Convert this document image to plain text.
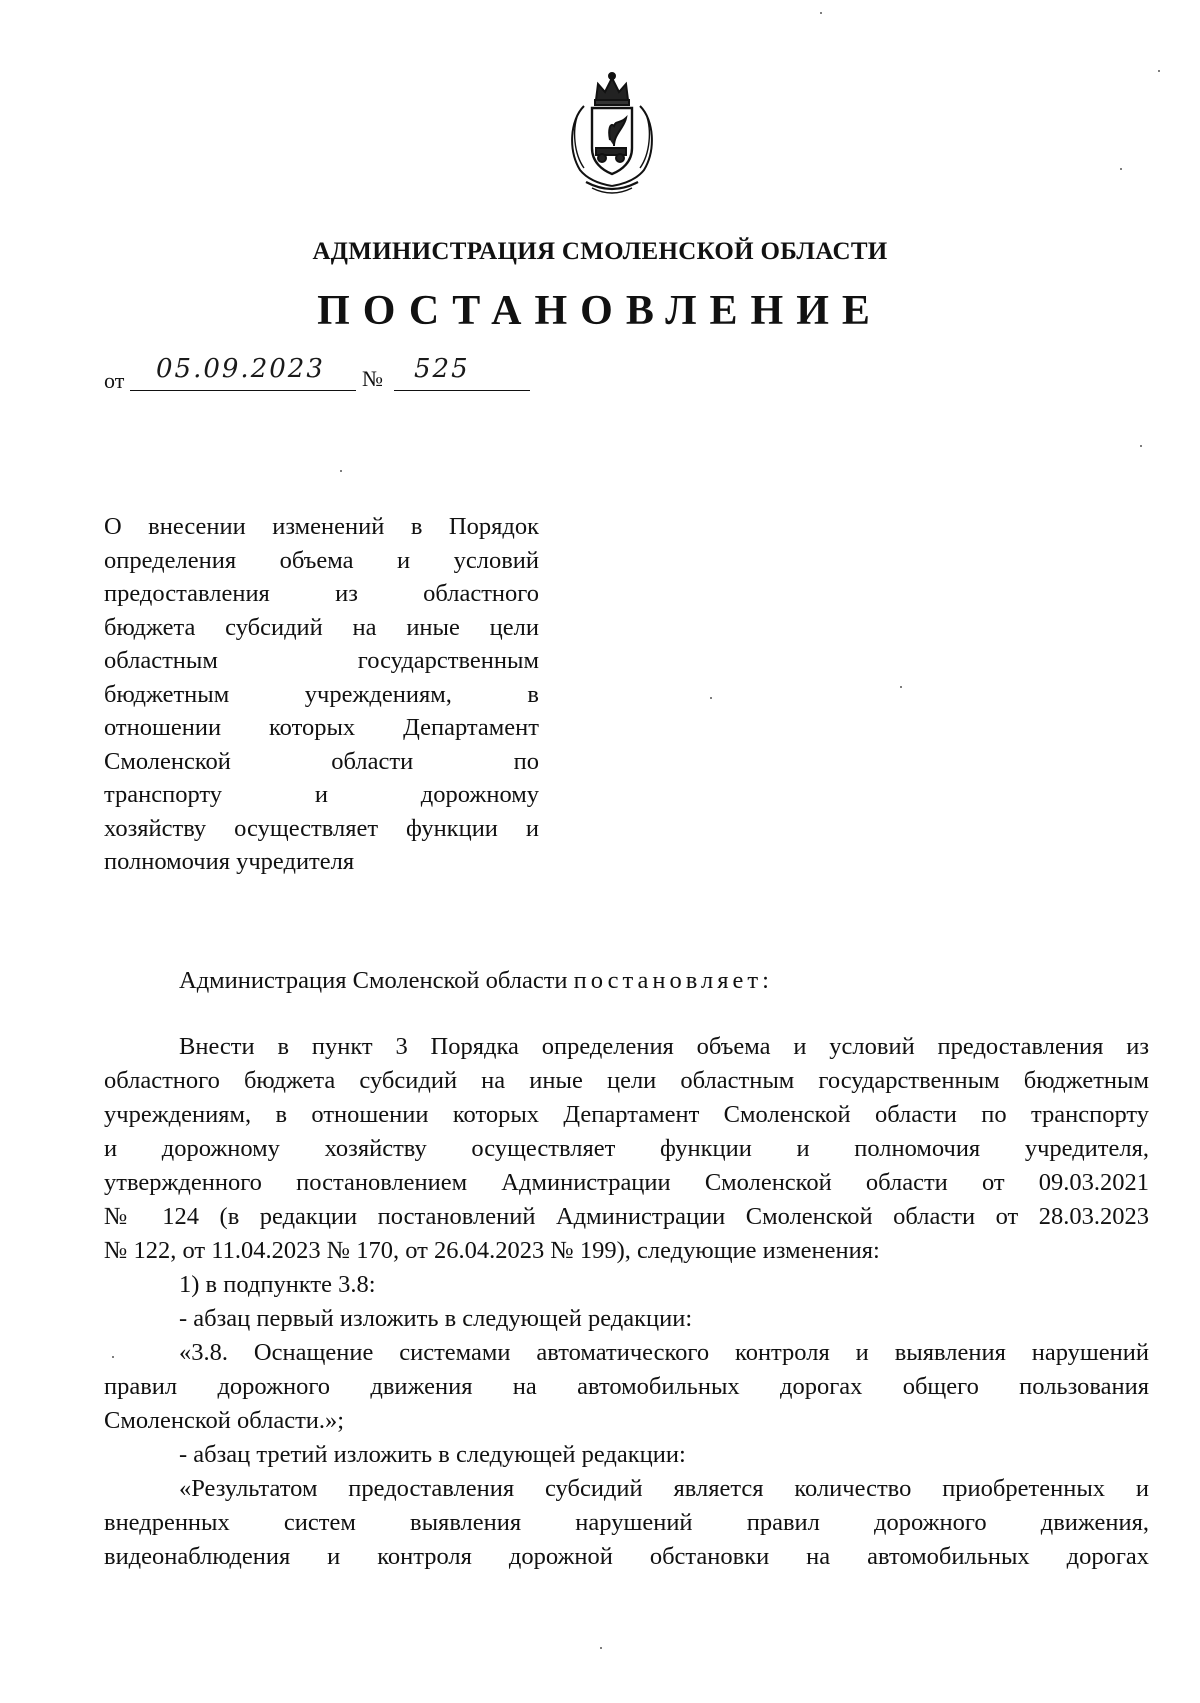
АДМИНИСТРАЦИЯ СМОЛЕНСКОЙ ОБЛАСТИ
ПОСТАНОВЛЕНИЕ
от 05.09.2023 № 525
О внесении изменений в Порядок
определения объема и условий
предоставления из областного
бюджета субсидий на иные цели
областным государственным
бюджетным учреждениям, в
отношении которых Департамент
Смоленской области по
транспорту и дорожному
хозяйству осуществляет функции и
полномочия учредителя

Администрация Смоленской области постановляет:

Внести в пункт 3 Порядка определения объема и условий предоставления из
областного бюджета субсидий на иные цели областным государственным бюджетным
учреждениям, в отношении которых Департамент Смоленской области по транспорту
и дорожному хозяйству осуществляет функции и полномочия учредителя,
утвержденного постановлением Администрации Смоленской области от 09.03.2021
№ 124 (в редакции постановлений Администрации Смоленской области от 28.03.2023
№ 122, от 11.04.2023 № 170, от 26.04.2023 № 199), следующие изменения:
1) в подпункте 3.8:
- абзац первый изложить в следующей редакции:
«3.8. Оснащение системами автоматического контроля и выявления нарушений
правил дорожного движения на автомобильных дорогах общего пользования
Смоленской области.»;
- абзац третий изложить в следующей редакции:
«Результатом предоставления субсидий является количество приобретенных и
внедренных систем выявления нарушений правил дорожного движения,
видеонаблюдения и контроля дорожной обстановки на автомобильных дорогах
